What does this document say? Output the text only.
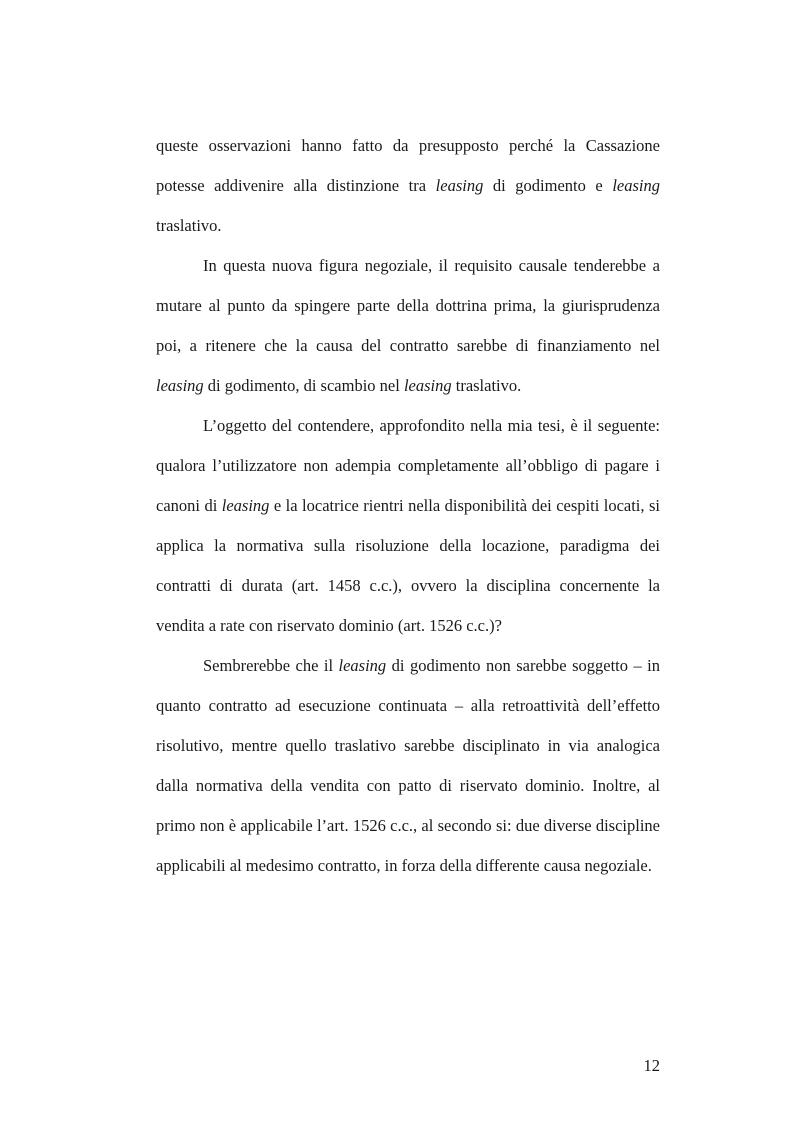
queste osservazioni hanno fatto da presupposto perché la Cassazione potesse addivenire alla distinzione tra leasing di godimento e leasing traslativo.

In questa nuova figura negoziale, il requisito causale tenderebbe a mutare al punto da spingere parte della dottrina prima, la giurisprudenza poi, a ritenere che la causa del contratto sarebbe di finanziamento nel leasing di godimento, di scambio nel leasing traslativo.

L’oggetto del contendere, approfondito nella mia tesi, è il seguente: qualora l’utilizzatore non adempia completamente all’obbligo di pagare i canoni di leasing e la locatrice rientri nella disponibilità dei cespiti locati, si applica la normativa sulla risoluzione della locazione, paradigma dei contratti di durata (art. 1458 c.c.), ovvero la disciplina concernente la vendita a rate con riservato dominio (art. 1526 c.c.)?

Sembrerebbe che il leasing di godimento non sarebbe soggetto – in quanto contratto ad esecuzione continuata – alla retroattività dell’effetto risolutivo, mentre quello traslativo sarebbe disciplinato in via analogica dalla normativa della vendita con patto di riservato dominio. Inoltre, al primo non è applicabile l’art. 1526 c.c., al secondo si: due diverse discipline applicabili al medesimo contratto, in forza della differente causa negoziale.

12
